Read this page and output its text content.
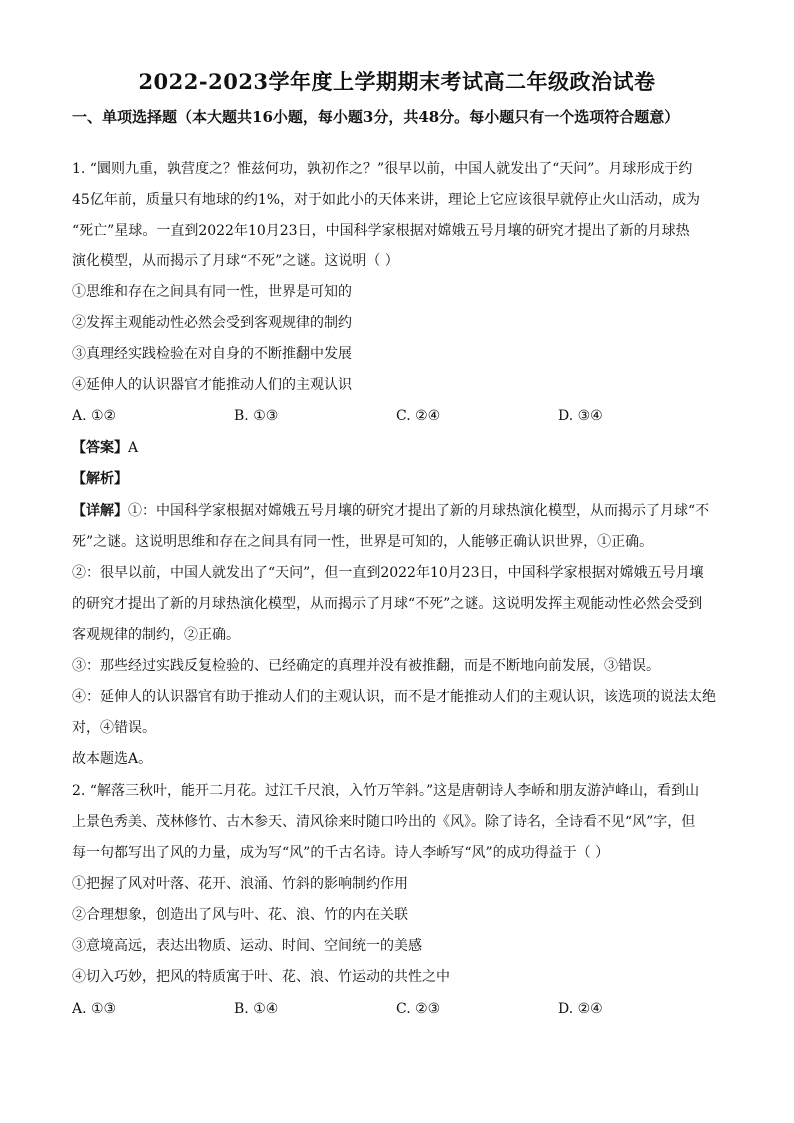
2022-2023学年度上学期期末考试高二年级政治试卷
一、单项选择题（本大题共16小题，每小题3分，共48分。每小题只有一个选项符合题意）
1. “圜则九重，孰营度之？惟兹何功，孰初作之？”很早以前，中国人就发出了“天问”。月球形成于约
45亿年前，质量只有地球的约1%，对于如此小的天体来讲，理论上它应该很早就停止火山活动，成为
“死亡”星球。一直到2022年10月23日，中国科学家根据对嫦娥五号月壤的研究才提出了新的月球热
演化模型，从而揭示了月球“不死”之谜。这说明（ ）
①思维和存在之间具有同一性，世界是可知的
②发挥主观能动性必然会受到客观规律的制约
③真理经实践检验在对自身的不断推翻中发展
④延伸人的认识器官才能推动人们的主观认识
A. ①②	B. ①③	C. ②④	D. ③④
【答案】A
【解析】
【详解】①：中国科学家根据对嫦娥五号月壤的研究才提出了新的月球热演化模型，从而揭示了月球“不
死”之谜。这说明思维和存在之间具有同一性，世界是可知的，人能够正确认识世界，①正确。
②：很早以前，中国人就发出了“天问”，但一直到2022年10月23日，中国科学家根据对嫦娥五号月壤
的研究才提出了新的月球热演化模型，从而揭示了月球“不死”之谜。这说明发挥主观能动性必然会受到
客观规律的制约，②正确。
③：那些经过实践反复检验的、已经确定的真理并没有被推翻，而是不断地向前发展，③错误。
④：延伸人的认识器官有助于推动人们的主观认识，而不是才能推动人们的主观认识，该选项的说法太绝
对，④错误。
故本题选A。
2. “解落三秋叶，能开二月花。过江千尺浪，入竹万竿斜。”这是唐朝诗人李峤和朋友游泸峰山，看到山
上景色秀美、茂林修竹、古木参天、清风徐来时随口吟出的《风》。除了诗名，全诗看不见“风”字，但
每一句都写出了风的力量，成为写“风”的千古名诗。诗人李峤写“风”的成功得益于（ ）
①把握了风对叶落、花开、浪涌、竹斜的影响制约作用
②合理想象，创造出了风与叶、花、浪、竹的内在关联
③意境高远，表达出物质、运动、时间、空间统一的美感
④切入巧妙，把风的特质寓于叶、花、浪、竹运动的共性之中
A. ①③	B. ①④	C. ②③	D. ②④
